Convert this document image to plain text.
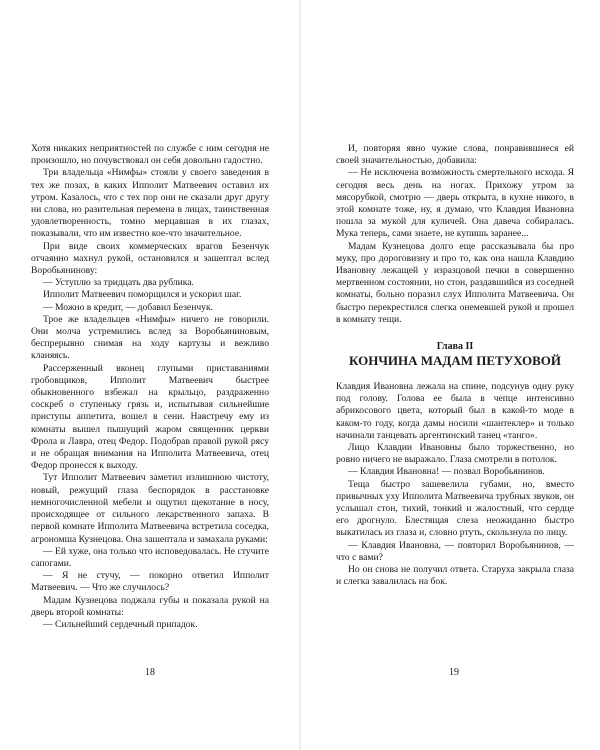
Хотя никаких неприятностей по службе с ним сегодня не произошло, но почувствовал он себя довольно гадостно.

Три владельца «Нимфы» стояли у своего заведения в тех же позах, в каких Ипполит Матвеевич оставил их утром. Казалось, что с тех пор они не сказали друг другу ни слова, но разительная перемена в лицах, таинственная удовлетворенность, томно мерцавшая в их глазах, показывали, что им известно кое-что значительное.

При виде своих коммерческих врагов Безенчук отчаянно махнул рукой, остановился и зашептал вслед Воробьянинову:

— Уступлю за тридцать два рублика.

Ипполит Матвеевич поморщился и ускорил шаг.

— Можно в кредит, — добавил Безенчук.

Трое же владельцев «Нимфы» ничего не говорили. Они молча устремились вслед за Воробьяниновым, беспрерывно снимая на ходу картузы и вежливо кланяясь.

Рассерженный вконец глупыми приставаниями гробовщиков, Ипполит Матвеевич быстрее обыкновенного взбежал на крыльцо, раздраженно соскреб о ступеньку грязь и, испытывая сильнейшие приступы аппетита, вошел в сени. Навстречу ему из комнаты вышел пышущий жаром священник церкви Фрола и Лавра, отец Федор. Подобрав правой рукой рясу и не обращая внимания на Ипполита Матвеевича, отец Федор пронесся к выходу.

Тут Ипполит Матвеевич заметил излишнюю чистоту, новый, режущий глаза беспорядок в расстановке немногочисленной мебели и ощутил щекотание в носу, происходящее от сильного лекарственного запаха. В первой комнате Ипполита Матвеевича встретила соседка, агрономша Кузнецова. Она зашептала и замахала руками:

— Ей хуже, она только что исповедовалась. Не стучите сапогами.

— Я не стучу, — покорно ответил Ипполит Матвеевич. — Что же случилось?

Мадам Кузнецова поджала губы и показала рукой на дверь второй комнаты:

— Сильнейший сердечный припадок.

18

И, повторяя явно чужие слова, понравившиеся ей своей значительностью, добавила:

— Не исключена возможность смертельного исхода. Я сегодня весь день на ногах. Прихожу утром за мясорубкой, смотрю — дверь открыта, в кухне никого, в этой комнате тоже, ну, я думаю, что Клавдия Ивановна пошла за мукой для куличей. Она давеча собиралась. Мука теперь, сами знаете, не купишь заранее...

Мадам Кузнецова долго еще рассказывала бы про муку, про дороговизну и про то, как она нашла Клавдию Ивановну лежащей у изразцовой печки в совершенно мертвенном состоянии, но стон, раздавшийся из соседней комнаты, больно поразил слух Ипполита Матвеевича. Он быстро перекрестился слегка онемевшей рукой и прошел в комнату тещи.

Глава II
КОНЧИНА МАДАМ ПЕТУХОВОЙ

Клавдия Ивановна лежала на спине, подсунув одну руку под голову. Голова ее была в чепце интенсивно абрикосового цвета, который был в какой-то моде в каком-то году, когда дамы носили «шантеклер» и только начинали танцевать аргентинский танец «танго».

Лицо Клавдии Ивановны было торжественно, но ровно ничего не выражало. Глаза смотрели в потолок.

— Клавдия Ивановна! — позвал Воробьянинов.

Теща быстро зашевелила губами, но, вместо привычных уху Ипполита Матвеевича трубных звуков, он услышал стон, тихий, тонкий и жалостный, что сердце его дрогнуло. Блестящая слеза неожиданно быстро выкатилась из глаза и, словно ртуть, скользнула по лицу.

— Клавдия Ивановна, — повторил Воробьянинов, — что с вами?

Но он снова не получил ответа. Старуха закрыла глаза и слегка завалилась на бок.

19
